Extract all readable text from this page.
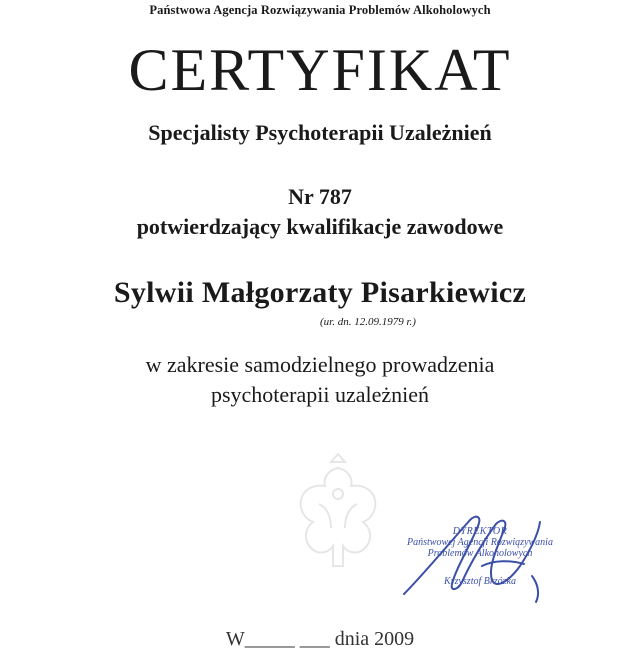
Państwowa Agencja Rozwiązywania Problemów Alkoholowych
CERTYFIKAT
Specjalisty Psychoterapii Uzależnień
Nr 787
potwierdzający kwalifikacje zawodowe
Sylwii Małgorzaty Pisarkiewicz
(ur. dn. 12.09.1979 r.)
w zakresie samodzielnego prowadzenia
psychoterapii uzależnień
DYREKTOR
Państwowej Agencji Rozwiązywania
Problemów Alkoholowych
Krzysztof Brzózka
W_____ ___ dnia 2009
